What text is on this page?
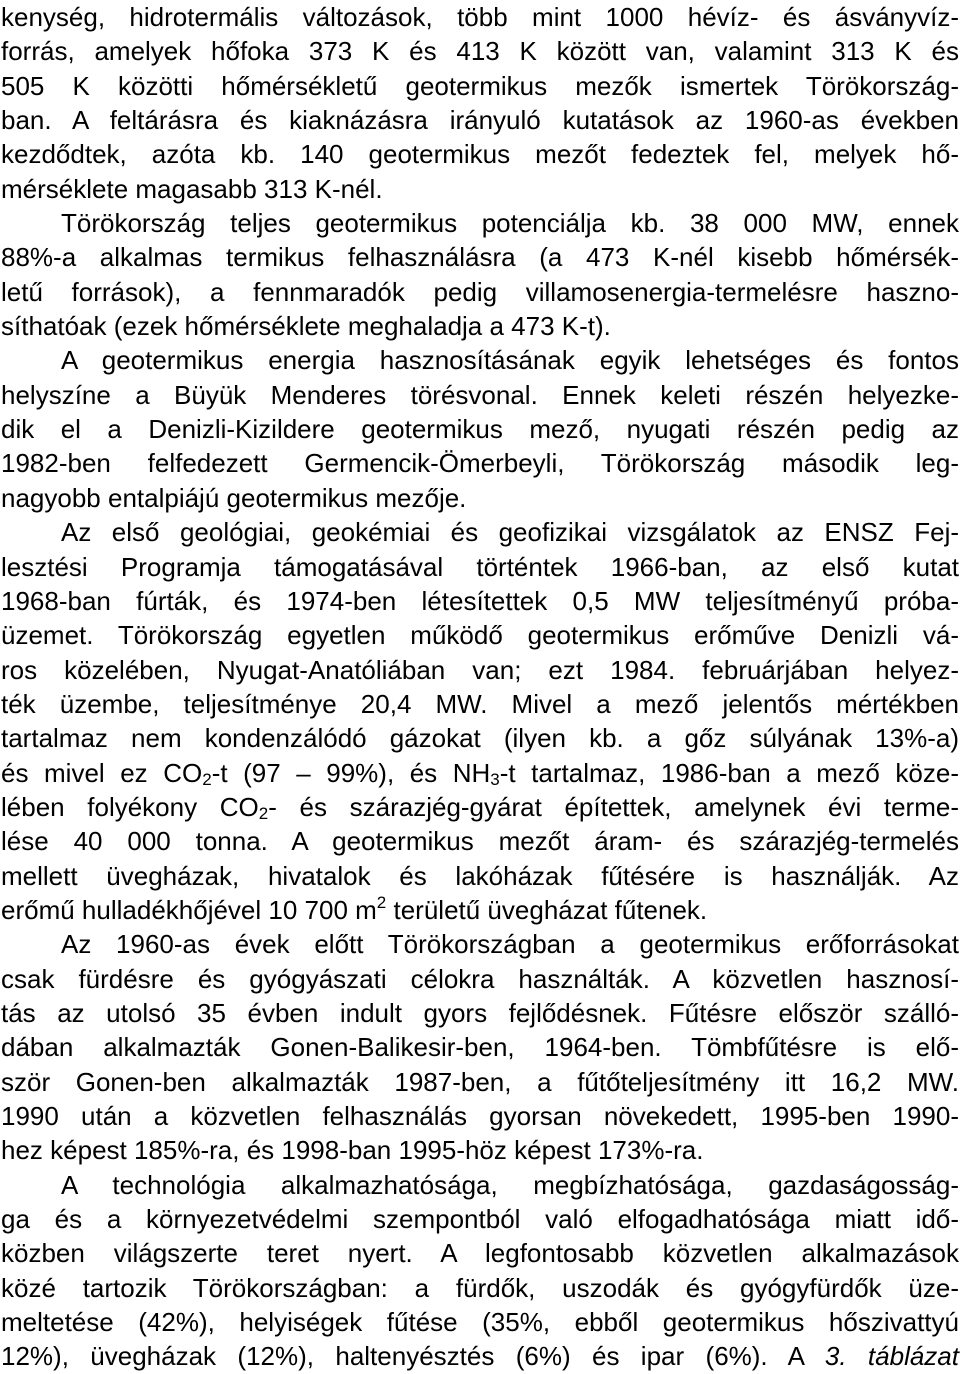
kenység, hidrotermális változások, több mint 1000 hévíz- és ásványvíz-
forrás, amelyek hőfoka 373 K és 413 K között van, valamint 313 K és
505 K közötti hőmérsékletű geotermikus mezők ismertek Törökország-
ban. A feltárásra és kiaknázásra irányuló kutatások az 1960-as években
kezdődtek, azóta kb. 140 geotermikus mezőt fedeztek fel, melyek hő-
mérséklete magasabb 313 K-nél.
Törökország teljes geotermikus potenciálja kb. 38 000 MW, ennek
88%-a alkalmas termikus felhasználásra (a 473 K-nél kisebb hőmérsék-
letű források), a fennmaradók pedig villamosenergia-termelésre haszno-
síthatóak (ezek hőmérséklete meghaladja a 473 K-t).
A geotermikus energia hasznosításának egyik lehetséges és fontos
helyszíne a Büyük Menderes törésvonal. Ennek keleti részén helyezke-
dik el a Denizli-Kizildere geotermikus mező, nyugati részén pedig az
1982-ben felfedezett Germencik-Ömerbeyli, Törökország második leg-
nagyobb entalpiájú geotermikus mezője.
Az első geológiai, geokémiai és geofizikai vizsgálatok az ENSZ Fej-
lesztési Programja támogatásával történtek 1966-ban, az első kutat
1968-ban fúrták, és 1974-ben létesítettek 0,5 MW teljesítményű próba-
üzemet. Törökország egyetlen működő geotermikus erőműve Denizli vá-
ros közelében, Nyugat-Anatóliában van; ezt 1984. februárjában helyez-
ték üzembe, teljesítménye 20,4 MW. Mivel a mező jelentős mértékben
tartalmaz nem kondenzálódó gázokat (ilyen kb. a gőz súlyának 13%-a)
és mivel ez $CO_2-t$ (97 – 99%), és $NH_3-t$ tartalmaz, 1986-ban a mező köze-
lében folyékony $CO_2-$ és szárazjég-gyárat építettek, amelynek évi terme-
lése 40 000 tonna. A geotermikus mezőt áram- és szárazjég-termelés
mellett üvegházak, hivatalok és lakóházak fűtésére is használják. Az
erőmű hulladékhőjével 10 700 $m^2$ területű üvegházat fűtenek.
Az 1960-as évek előtt Törökországban a geotermikus erőforrásokat
csak fürdésre és gyógyászati célokra használták. A közvetlen hasznosí-
tás az utolsó 35 évben indult gyors fejlődésnek. Fűtésre először szálló-
dában alkalmazták Gonen-Balikesir-ben, 1964-ben. Tömbfűtésre is elő-
ször Gonen-ben alkalmazták 1987-ben, a fűtőteljesítmény itt 16,2 MW.
1990 után a közvetlen felhasználás gyorsan növekedett, 1995-ben 1990-
hez képest 185%-ra, és 1998-ban 1995-höz képest 173%-ra.
A technológia alkalmazhatósága, megbízhatósága, gazdaságosság-
ga és a környezetvédelmi szempontból való elfogadhatósága miatt idő-
közben világszerte teret nyert. A legfontosabb közvetlen alkalmazások
közé tartozik Törökországban: a fürdők, uszodák és gyógyfürdők üze-
meltetése (42%), helyiségek fűtése (35%, ebből geotermikus hőszivattyú
12%), üvegházak (12%), haltenyésztés (6%) és ipar (6%). A 3. táblázat
